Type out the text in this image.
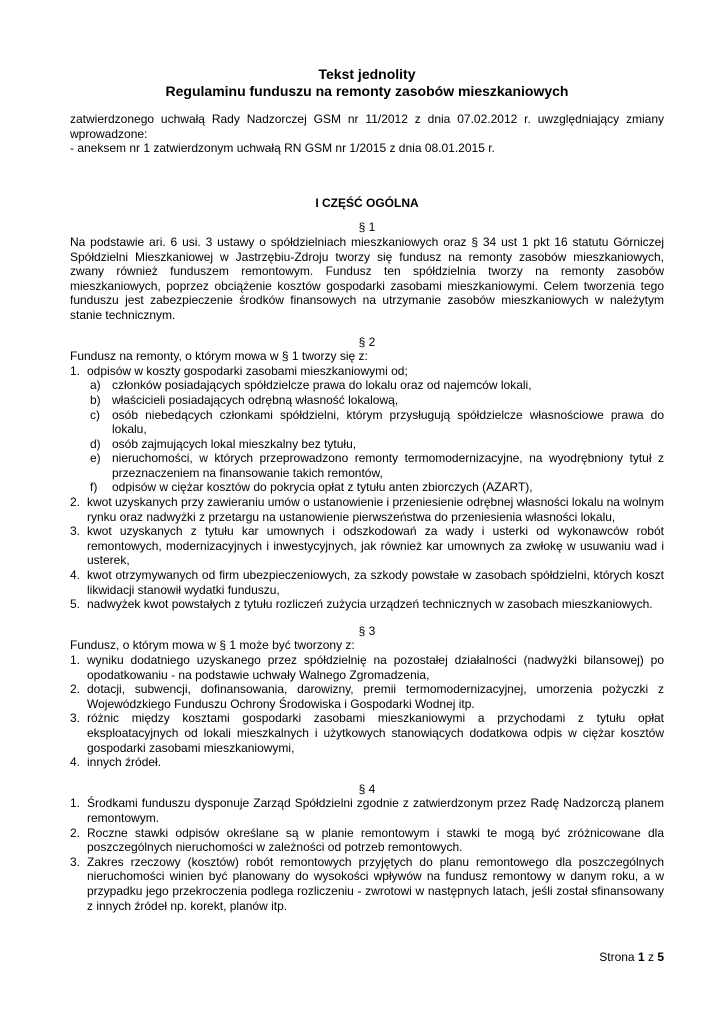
Tekst jednolity
Regulaminu funduszu na remonty zasobów mieszkaniowych
zatwierdzonego uchwałą Rady Nadzorczej GSM nr 11/2012 z dnia 07.02.2012 r. uwzględniający zmiany wprowadzone:
- aneksem nr 1 zatwierdzonym uchwałą RN GSM nr 1/2015 z dnia 08.01.2015 r.
I CZĘŚĆ OGÓLNA
§ 1
Na podstawie ari. 6 usi. 3 ustawy o spółdzielniach mieszkaniowych oraz § 34 ust 1 pkt 16 statutu Górniczej Spółdzielni Mieszkaniowej w Jastrzębiu-Zdroju tworzy się fundusz na remonty zasobów mieszkaniowych, zwany również funduszem remontowym. Fundusz ten spółdzielnia tworzy na remonty zasobów mieszkaniowych, poprzez obciążenie kosztów gospodarki zasobami mieszkaniowymi. Celem tworzenia tego funduszu jest zabezpieczenie środków finansowych na utrzymanie zasobów mieszkaniowych w należytym stanie technicznym.
§ 2
Fundusz na remonty, o którym mowa w § 1 tworzy się z:
1. odpisów w koszty gospodarki zasobami mieszkaniowymi od;
a) członków posiadających spółdzielcze prawa do lokalu oraz od najemców lokali,
b) właścicieli posiadających odrębną własność lokalową,
c) osób niebedących członkami spółdzielni, którym przysługują spółdzielcze własnościowe prawa do lokalu,
d) osób zajmujących lokal mieszkalny bez tytułu,
e) nieruchomości, w których przeprowadzono remonty termomodernizacyjne, na wyodrębniony tytuł z przeznaczeniem na finansowanie takich remontów,
f) odpisów w ciężar kosztów do pokrycia opłat z tytułu anten zbiorczych (AZART),
2. kwot uzyskanych przy zawieraniu umów o ustanowienie i przeniesienie odrębnej własności lokalu na wolnym rynku oraz nadwyżki z przetargu na ustanowienie pierwszeństwa do przeniesienia własności lokalu,
3. kwot uzyskanych z tytułu kar umownych i odszkodowań za wady i usterki od wykonawców robót remontowych, modernizacyjnych i inwestycyjnych, jak również kar umownych za zwłokę w usuwaniu wad i usterek,
4. kwot otrzymywanych od firm ubezpieczeniowych, za szkody powstałe w zasobach spółdzielni, których koszt likwidacji stanowił wydatki funduszu,
5. nadwyżek kwot powstałych z tytułu rozliczeń zużycia urządzeń technicznych w zasobach mieszkaniowych.
§ 3
Fundusz, o którym mowa w § 1 może być tworzony z:
1. wyniku dodatniego uzyskanego przez spółdzielnię na pozostałej działalności (nadwyżki bilansowej) po opodatkowaniu - na podstawie uchwały Walnego Zgromadzenia,
2. dotacji, subwencji, dofinansowania, darowizny, premii termomodernizacyjnej, umorzenia pożyczki z Wojewódzkiego Funduszu Ochrony Środowiska i Gospodarki Wodnej itp.
3. różnic między kosztami gospodarki zasobami mieszkaniowymi a przychodami z tytułu opłat eksploatacyjnych od lokali mieszkalnych i użytkowych stanowiących dodatkowa odpis w ciężar kosztów gospodarki zasobami mieszkaniowymi,
4. innych źródeł.
§ 4
1. Środkami funduszu dysponuje Zarząd Spółdzielni zgodnie z zatwierdzonym przez Radę Nadzorczą planem remontowym.
2. Roczne stawki odpisów określane są w planie remontowym i stawki te mogą być zróżnicowane dla poszczególnych nieruchomości w zależności od potrzeb remontowych.
3. Zakres rzeczowy (kosztów) robót remontowych przyjętych do planu remontowego dla poszczególnych nieruchomości winien być planowany do wysokości wpływów na fundusz remontowy w danym roku, a w przypadku jego przekroczenia podlega rozliczeniu - zwrotowi w następnych latach, jeśli został sfinansowany z innych źródeł np. korekt, planów itp.
Strona 1 z 5
